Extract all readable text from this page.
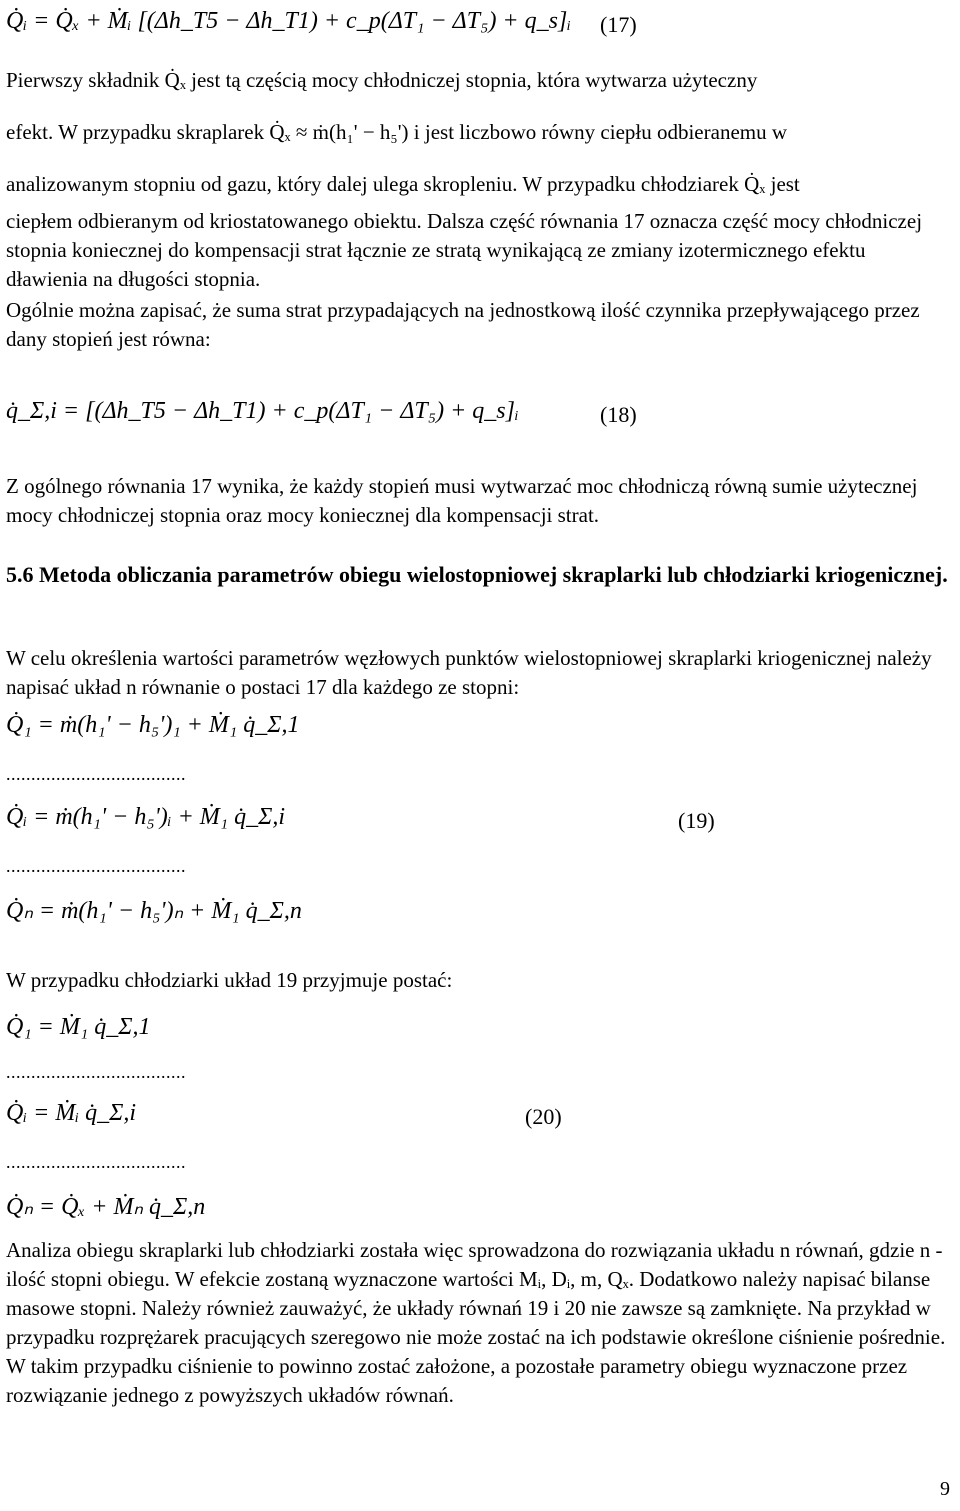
Q̇ᵢ = Q̇ₓ + Ṁᵢ [(Δh_T5 − Δh_T1) + c_p(ΔT₁ − ΔT₅) + q_s]ᵢ (17)
Pierwszy składnik Q̇ₓ jest tą częścią mocy chłodniczej stopnia, która wytwarza użyteczny
efekt. W przypadku skraplarek Q̇ₓ ≈ ṁ(h₁' − h₅') i jest liczbowo równy ciepłu odbieranemu w
analizowanym stopniu od gazu, który dalej ulega skropleniu. W przypadku chłodziarek Q̇ₓ jest
ciepłem odbieranym od kriostatowanego obiektu. Dalsza część równania 17 oznacza część mocy chłodniczej stopnia koniecznej do kompensacji strat łącznie ze stratą wynikającą ze zmiany izotermicznego efektu dławienia na długości stopnia.
Ogólnie można zapisać, że suma strat przypadających na jednostkową ilość czynnika przepływającego przez dany stopień jest równa:
q̇_Σ,i = [(Δh_T5 − Δh_T1) + c_p(ΔT₁ − ΔT₅) + q_s]ᵢ	(18)
Z ogólnego równania 17 wynika, że każdy stopień musi wytwarzać moc chłodniczą równą sumie użytecznej mocy chłodniczej stopnia oraz mocy koniecznej dla kompensacji strat.
5.6 Metoda obliczania parametrów obiegu wielostopniowej skraplarki lub chłodziarki kriogenicznej.
W celu określenia wartości parametrów węzłowych punktów wielostopniowej skraplarki kriogenicznej należy napisać układ n równanie o postaci 17 dla każdego ze stopni:
Q̇₁ = ṁ(h₁' − h₅')₁ + Ṁ₁ q̇_Σ,1
....................................
Q̇ᵢ = ṁ(h₁' − h₅')ᵢ + Ṁ₁ q̇_Σ,i	(19)
....................................
Q̇ₙ = ṁ(h₁' − h₅')ₙ + Ṁ₁ q̇_Σ,n
W przypadku chłodziarki układ 19 przyjmuje postać:
Q̇₁ = Ṁ₁ q̇_Σ,1
....................................
Q̇ᵢ = Ṁᵢ q̇_Σ,i	(20)
....................................
Q̇ₙ = Q̇ₓ + Ṁₙ q̇_Σ,n
Analiza obiegu skraplarki lub chłodziarki została więc sprowadzona do rozwiązania układu n równań, gdzie n - ilość stopni obiegu. W efekcie zostaną wyznaczone wartości Mᵢ, Dᵢ, m, Qₓ. Dodatkowo należy napisać bilanse masowe stopni. Należy również zauważyć, że układy równań 19 i 20 nie zawsze są zamknięte. Na przykład w przypadku rozprężarek pracujących szeregowo nie może zostać na ich podstawie określone ciśnienie pośrednie. W takim przypadku ciśnienie to powinno zostać założone, a pozostałe parametry obiegu wyznaczone przez rozwiązanie jednego z powyższych układów równań.
9
